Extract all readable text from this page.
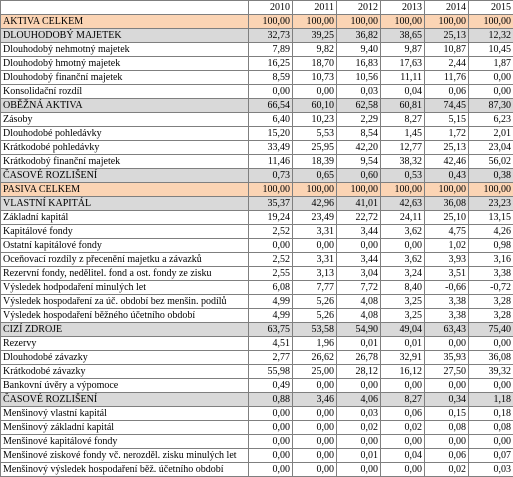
	2010	2011	2012	2013	2014	2015
AKTIVA CELKEM	100,00	100,00	100,00	100,00	100,00	100,00
DLOUHODOBÝ MAJETEK	32,73	39,25	36,82	38,65	25,13	12,32
Dlouhodobý nehmotný majetek	7,89	9,82	9,40	9,87	10,87	10,45
Dlouhodobý hmotný majetek	16,25	18,70	16,83	17,63	2,44	1,87
Dlouhodobý finanční majetek	8,59	10,73	10,56	11,11	11,76	0,00
Konsolidační rozdíl	0,00	0,00	0,03	0,04	0,06	0,00
OBĚŽNÁ AKTIVA	66,54	60,10	62,58	60,81	74,45	87,30
Zásoby	6,40	10,23	2,29	8,27	5,15	6,23
Dlouhodobé pohledávky	15,20	5,53	8,54	1,45	1,72	2,01
Krátkodobé pohledávky	33,49	25,95	42,20	12,77	25,13	23,04
Krátkodobý finanční majetek	11,46	18,39	9,54	38,32	42,46	56,02
ČASOVÉ ROZLIŠENÍ	0,73	0,65	0,60	0,53	0,43	0,38
PASIVA CELKEM	100,00	100,00	100,00	100,00	100,00	100,00
VLASTNÍ KAPITÁL	35,37	42,96	41,01	42,63	36,08	23,23
Základní kapitál	19,24	23,49	22,72	24,11	25,10	13,15
Kapitálové fondy	2,52	3,31	3,44	3,62	4,75	4,26
Ostatní kapitálové fondy	0,00	0,00	0,00	0,00	1,02	0,98
Oceňovací rozdíly z přecenění majetku a závazků	2,52	3,31	3,44	3,62	3,93	3,16
Rezervní fondy, nedělitel. fond a ost. fondy ze zisku	2,55	3,13	3,04	3,24	3,51	3,38
Výsledek hodpodaření minulých let	6,08	7,77	7,72	8,40	-0,66	-0,72
Výsledek hospodaření za úč. období bez menšin. podílů	4,99	5,26	4,08	3,25	3,38	3,28
Výsledek hospodaření běžného účetního období	4,99	5,26	4,08	3,25	3,38	3,28
CIZÍ ZDROJE	63,75	53,58	54,90	49,04	63,43	75,40
Rezervy	4,51	1,96	0,01	0,01	0,00	0,00
Dlouhodobé závazky	2,77	26,62	26,78	32,91	35,93	36,08
Krátkodobé závazky	55,98	25,00	28,12	16,12	27,50	39,32
Bankovní úvěry a výpomoce	0,49	0,00	0,00	0,00	0,00	0,00
ČASOVÉ ROZLIŠENÍ	0,88	3,46	4,06	8,27	0,34	1,18
Menšinový vlastní kapitál	0,00	0,00	0,03	0,06	0,15	0,18
Menšinový základní kapitál	0,00	0,00	0,02	0,02	0,08	0,08
Menšinové kapitálové fondy	0,00	0,00	0,00	0,00	0,00	0,00
Menšinové ziskové fondy vč. nerozděl. zisku minulých let	0,00	0,00	0,01	0,04	0,06	0,07
Menšinový výsledek hospodaření běž. účetního období	0,00	0,00	0,00	0,00	0,02	0,03
